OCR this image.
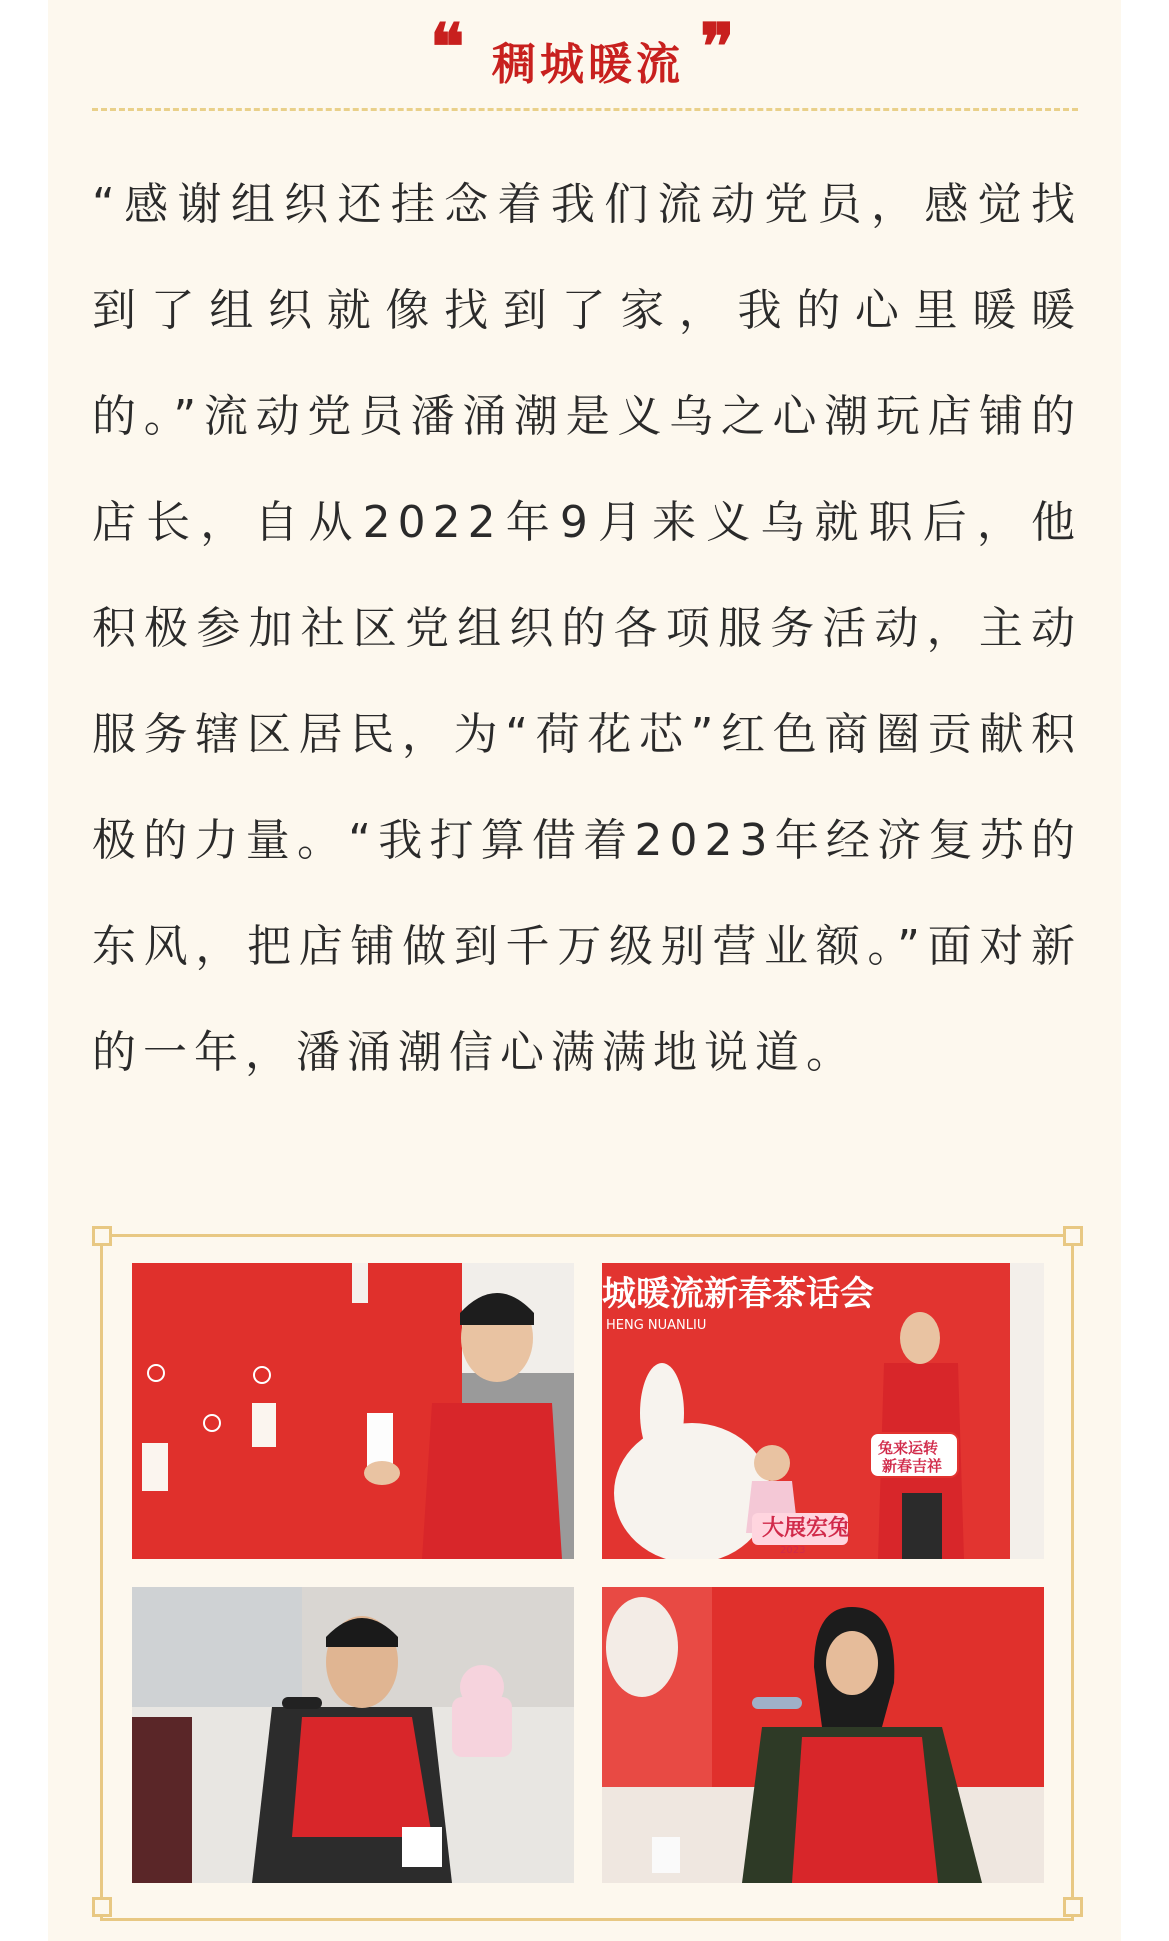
❝ 稠城暖流 ❞
“感谢组织还挂念着我们流动党员，感觉找到了组织就像找到了家，我的心里暖暖的。”流动党员潘涌潮是义乌之心潮玩店铺的店长，自从2022年9月来义乌就职后，他积极参加社区党组织的各项服务活动，主动服务辖区居民，为“荷花芯”红色商圈贡献积极的力量。“我打算借着2023年经济复苏的东风，把店铺做到千万级别营业额。”面对新的一年，潘涌潮信心满满地说道。
城暖流新春茶话会
HENG NUANLIU
大展宏兔
2023
兔来运转
新春吉祥
